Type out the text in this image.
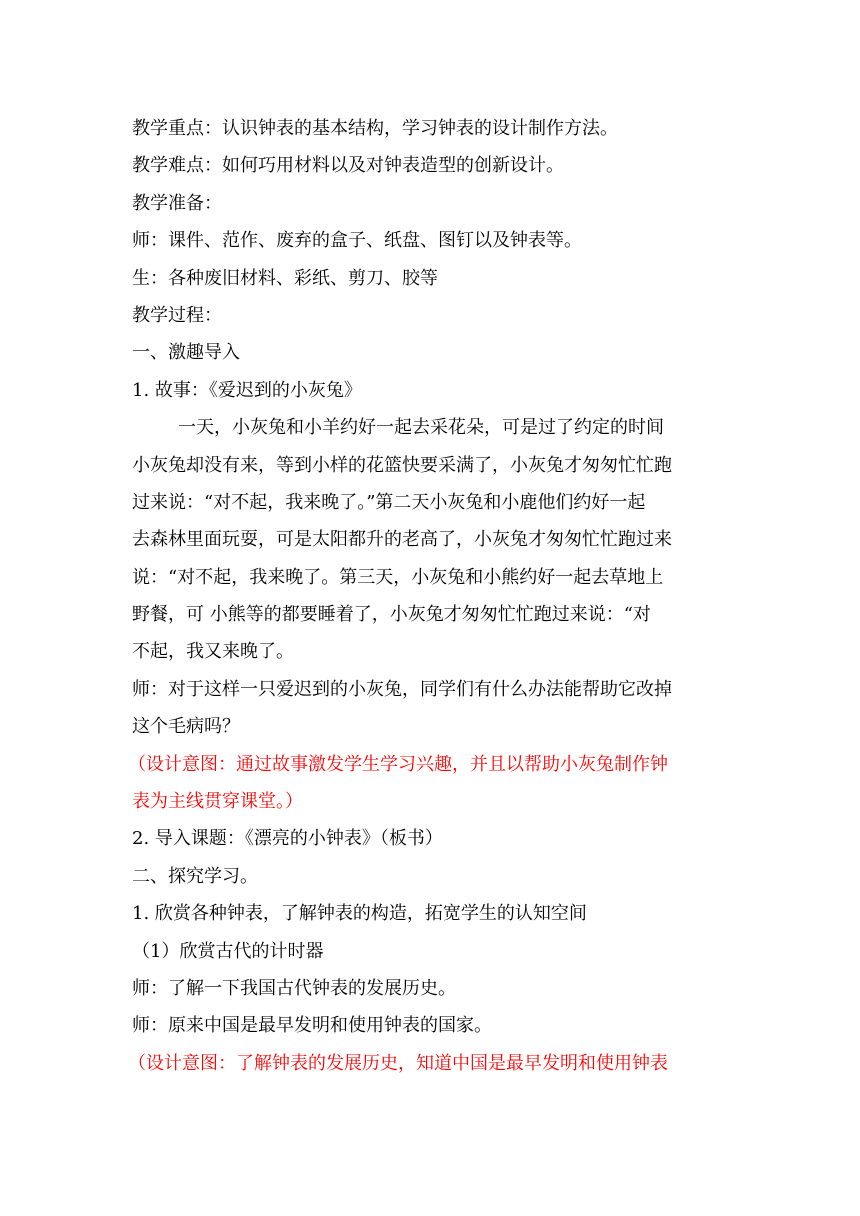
教学重点：认识钟表的基本结构，学习钟表的设计制作方法。
教学难点：如何巧用材料以及对钟表造型的创新设计。
教学准备：
师：课件、范作、废弃的盒子、纸盘、图钉以及钟表等。
生：各种废旧材料、彩纸、剪刀、胶等
教学过程：
一、激趣导入
1. 故事：《爱迟到的小灰兔》
一天，小灰兔和小羊约好一起去采花朵，可是过了约定的时间
小灰兔却没有来，等到小样的花篮快要采满了，小灰兔才匆匆忙忙跑
过来说：“对不起，我来晚了。”第二天小灰兔和小鹿他们约好一起
去森林里面玩耍，可是太阳都升的老高了，小灰兔才匆匆忙忙跑过来
说：“对不起，我来晚了。第三天，小灰兔和小熊约好一起去草地上
野餐，可 小熊等的都要睡着了，小灰兔才匆匆忙忙跑过来说：“对
不起，我又来晚了。
师：对于这样一只爱迟到的小灰兔，同学们有什么办法能帮助它改掉
这个毛病吗？
（设计意图：通过故事激发学生学习兴趣，并且以帮助小灰兔制作钟
表为主线贯穿课堂。）
2. 导入课题：《漂亮的小钟表》（板书）
二、探究学习。
1. 欣赏各种钟表，了解钟表的构造，拓宽学生的认知空间
（1）欣赏古代的计时器
师：了解一下我国古代钟表的发展历史。
师：原来中国是最早发明和使用钟表的国家。
（设计意图：了解钟表的发展历史，知道中国是最早发明和使用钟表
